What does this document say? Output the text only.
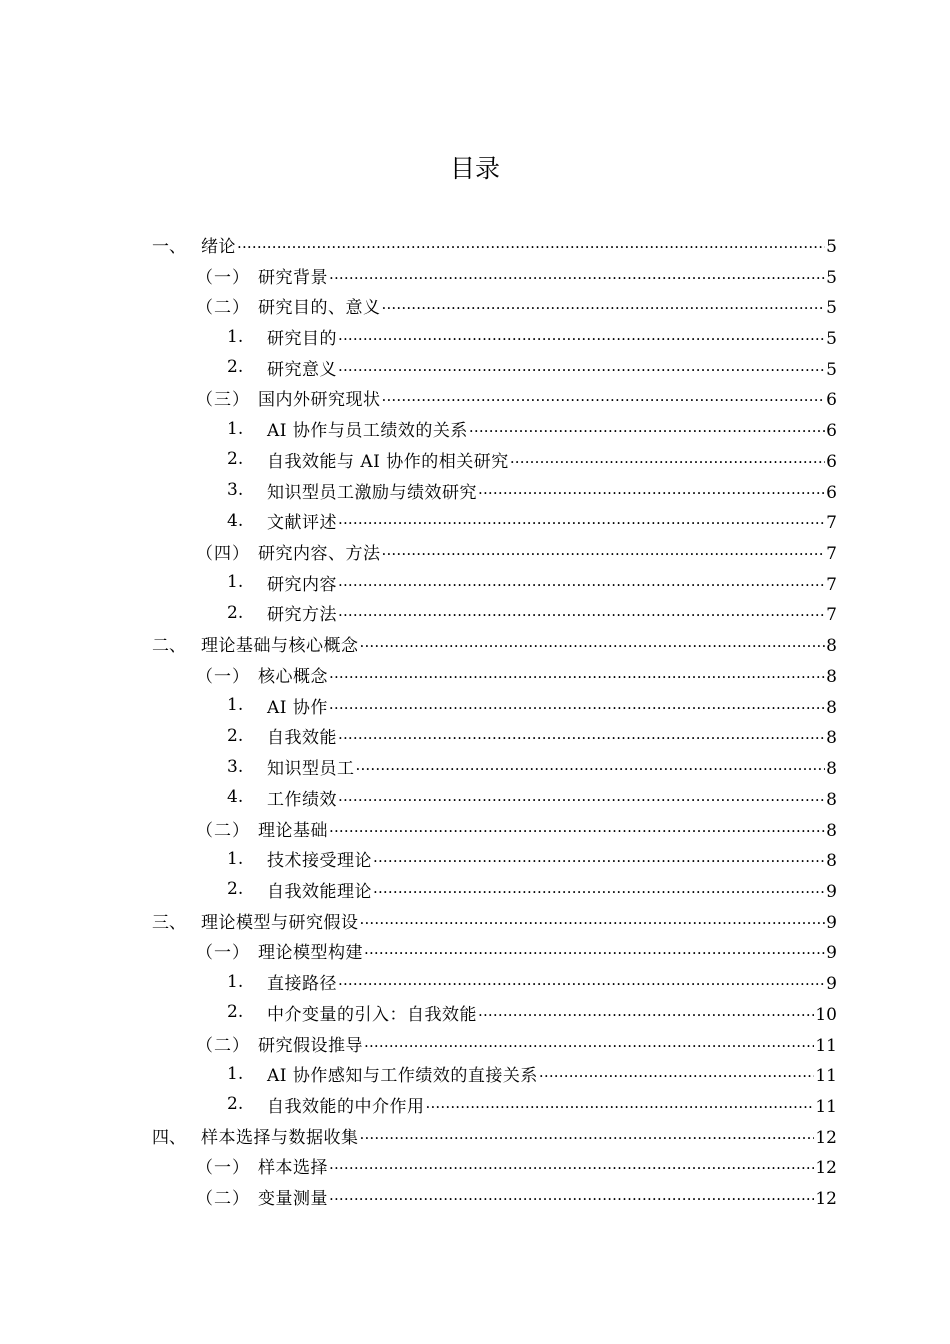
目录
一、 绪论 .....	5
（一） 研究背景 .....	5
（二） 研究目的、意义 .....	5
1. 研究目的 .....	5
2. 研究意义 .....	5
（三） 国内外研究现状 .....	6
1. AI 协作与员工绩效的关系 .....	6
2. 自我效能与 AI 协作的相关研究 .....	6
3. 知识型员工激励与绩效研究 .....	6
4. 文献评述 .....	7
（四） 研究内容、方法 .....	7
1. 研究内容 .....	7
2. 研究方法 .....	7
二、 理论基础与核心概念 .....	8
（一） 核心概念 .....	8
1. AI 协作 .....	8
2. 自我效能 .....	8
3. 知识型员工 .....	8
4. 工作绩效 .....	8
（二） 理论基础 .....	8
1. 技术接受理论 .....	8
2. 自我效能理论 .....	9
三、 理论模型与研究假设 .....	9
（一） 理论模型构建 .....	9
1. 直接路径 .....	9
2. 中介变量的引入：自我效能 .....	10
（二） 研究假设推导 .....	11
1. AI 协作感知与工作绩效的直接关系 .....	11
2. 自我效能的中介作用 .....	11
四、 样本选择与数据收集 .....	12
（一） 样本选择 .....	12
（二） 变量测量 .....	12
